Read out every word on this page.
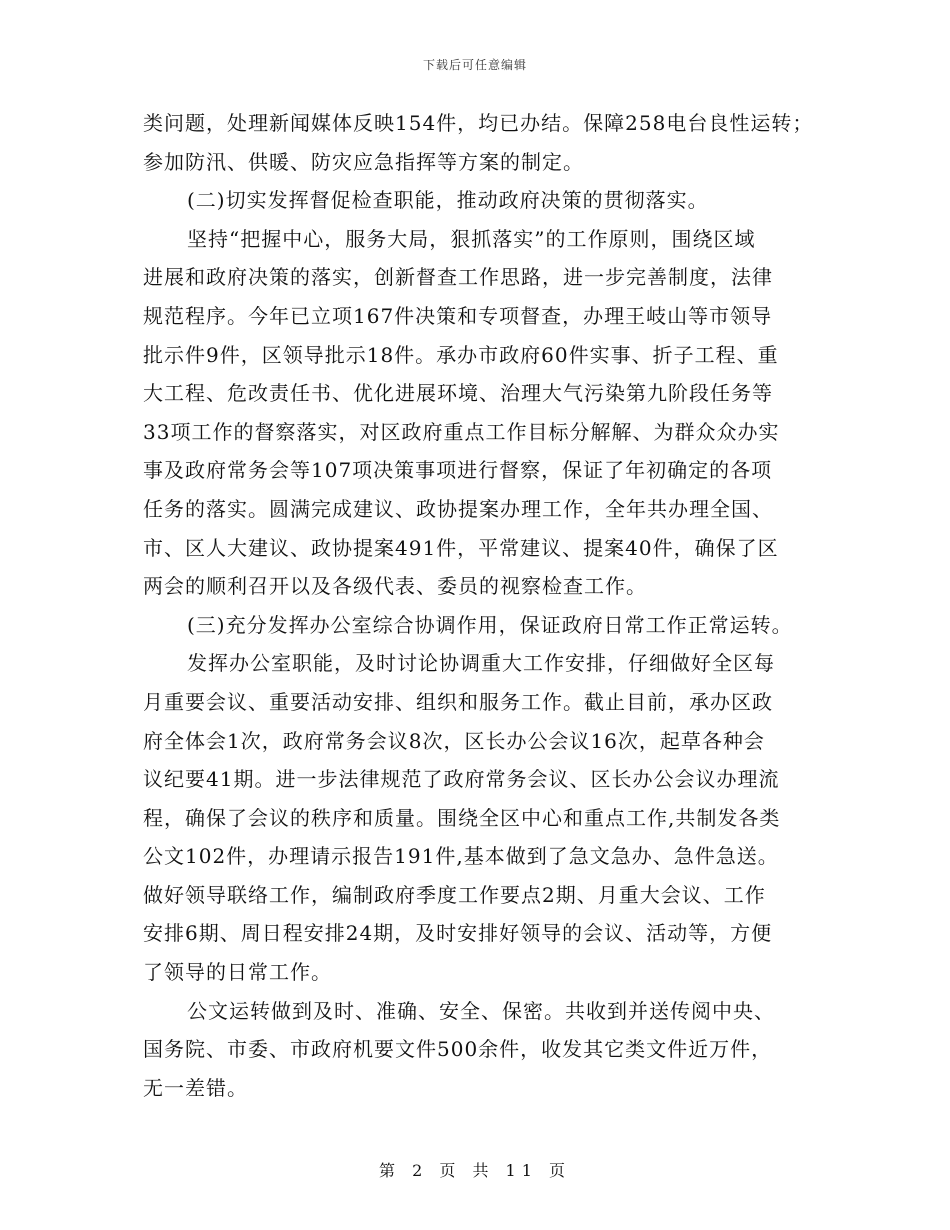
下载后可任意编辑
类问题，处理新闻媒体反映154件，均已办结。保障258电台良性运转；
参加防汛、供暖、防灾应急指挥等方案的制定。
(二)切实发挥督促检查职能，推动政府决策的贯彻落实。
坚持“把握中心，服务大局，狠抓落实”的工作原则，围绕区域
进展和政府决策的落实，创新督查工作思路，进一步完善制度，法律
规范程序。今年已立项167件决策和专项督查，办理王岐山等市领导
批示件9件，区领导批示18件。承办市政府60件实事、折子工程、重
大工程、危改责任书、优化进展环境、治理大气污染第九阶段任务等
33项工作的督察落实，对区政府重点工作目标分解解、为群众众办实
事及政府常务会等107项决策事项进行督察，保证了年初确定的各项
任务的落实。圆满完成建议、政协提案办理工作，全年共办理全国、
市、区人大建议、政协提案491件，平常建议、提案40件，确保了区
两会的顺利召开以及各级代表、委员的视察检查工作。
(三)充分发挥办公室综合协调作用，保证政府日常工作正常运转。
发挥办公室职能，及时讨论协调重大工作安排，仔细做好全区每
月重要会议、重要活动安排、组织和服务工作。截止目前，承办区政
府全体会1次，政府常务会议8次，区长办公会议16次，起草各种会
议纪要41期。进一步法律规范了政府常务会议、区长办公会议办理流
程，确保了会议的秩序和质量。围绕全区中心和重点工作,共制发各类
公文102件，办理请示报告191件,基本做到了急文急办、急件急送。
做好领导联络工作，编制政府季度工作要点2期、月重大会议、工作
安排6期、周日程安排24期，及时安排好领导的会议、活动等，方便
了领导的日常工作。
公文运转做到及时、准确、安全、保密。共收到并送传阅中央、
国务院、市委、市政府机要文件500余件，收发其它类文件近万件，
无一差错。
第 2 页 共 11 页
